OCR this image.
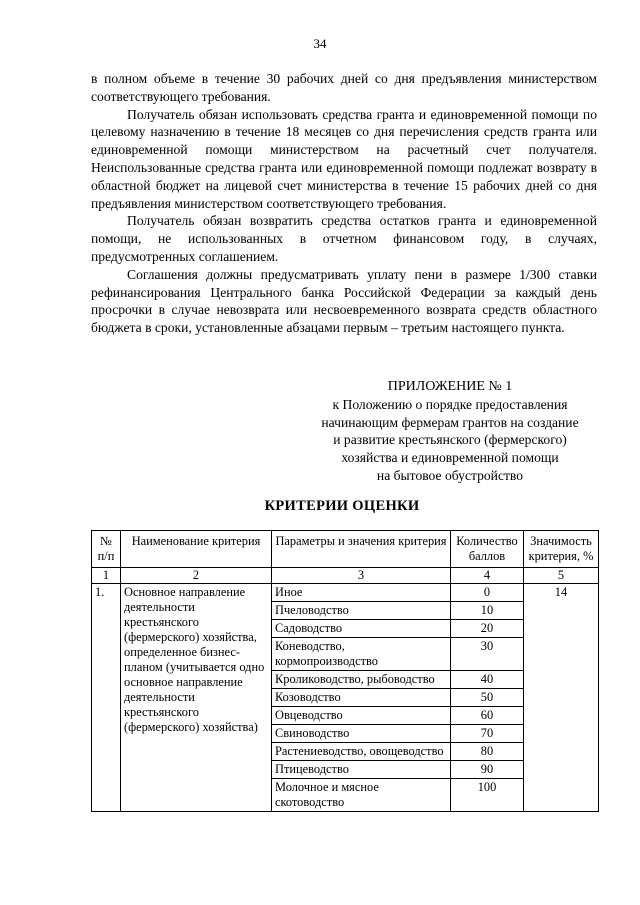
34

в полном объеме в течение 30 рабочих дней со дня предъявления министерством соответствующего требования.

Получатель обязан использовать средства гранта и единовременной помощи по целевому назначению в течение 18 месяцев со дня перечисления средств гранта или единовременной помощи министерством на расчетный счет получателя. Неиспользованные средства гранта или единовременной помощи подлежат возврату в областной бюджет на лицевой счет министерства в течение 15 рабочих дней со дня предъявления министерством соответствующего требования.

Получатель обязан возвратить средства остатков гранта и единовременной помощи, не использованных в отчетном финансовом году, в случаях, предусмотренных соглашением.

Соглашения должны предусматривать уплату пени в размере 1/300 ставки рефинансирования Центрального банка Российской Федерации за каждый день просрочки в случае невозврата или несвоевременного возврата средств областного бюджета в сроки, установленные абзацами первым – третьим настоящего пункта.

ПРИЛОЖЕНИЕ № 1
к Положению о порядке предоставления
начинающим фермерам грантов на создание
и развитие крестьянского (фермерского)
хозяйства и единовременной помощи
на бытовое обустройство
КРИТЕРИИ ОЦЕНКИ
№ п/п	Наименование критерия	Параметры и значения критерия	Количество баллов	Значимость критерия, %
1	2	3	4	5
1.	Основное направление деятельности крестьянского (фермерского) хозяйства, определенное бизнес-планом (учитывается одно основное направление деятельности крестьянского (фермерского) хозяйства)	Иное	0	14
		Пчеловодство	10	
		Садоводство	20	
		Коневодство, кормопроизводство	30	
		Кролиководство, рыбоводство	40	
		Козоводство	50	
		Овцеводство	60	
		Свиноводство	70	
		Растениеводство, овощеводство	80	
		Птицеводство	90	
		Молочное и мясное скотоводство	100	
